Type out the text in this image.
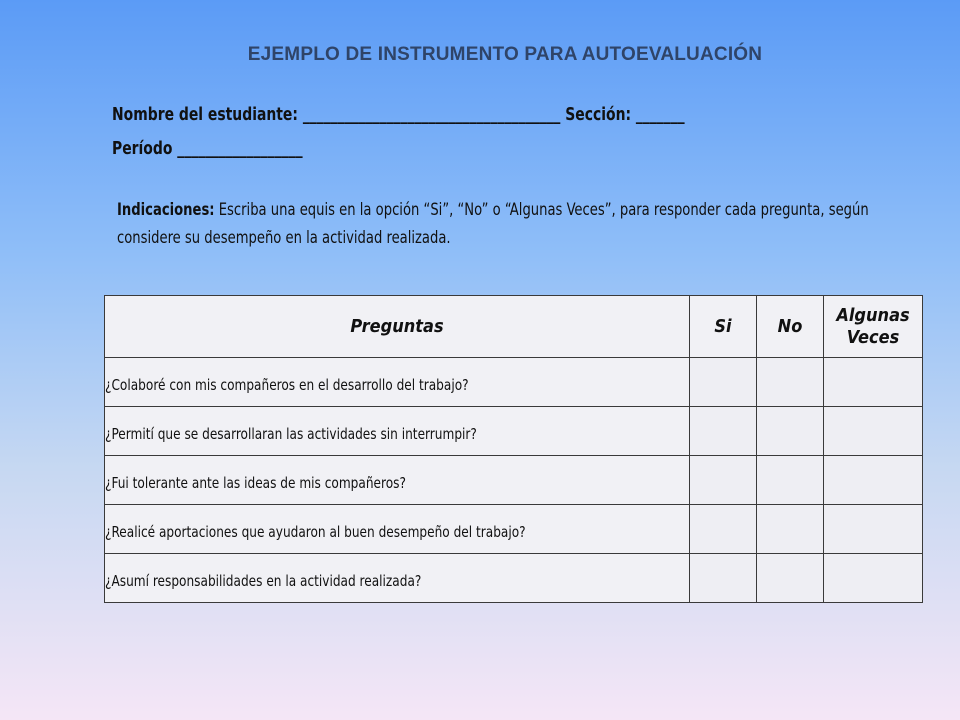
EJEMPLO DE INSTRUMENTO PARA AUTOEVALUACIÓN
Nombre del estudiante: _____________________________________ Sección: _______
Período __________________
Indicaciones: Escriba una equis en la opción “Si”, “No” o “Algunas Veces”, para responder cada pregunta, según considere su desempeño en la actividad realizada.
Preguntas	Si	No	Algunas Veces
¿Colaboré con mis compañeros en el desarrollo del trabajo?			
¿Permití que se desarrollaran las actividades sin interrumpir?			
¿Fui tolerante ante las ideas de mis compañeros?			
¿Realicé aportaciones que ayudaron al buen desempeño del trabajo?			
¿Asumí responsabilidades en la actividad realizada?			
